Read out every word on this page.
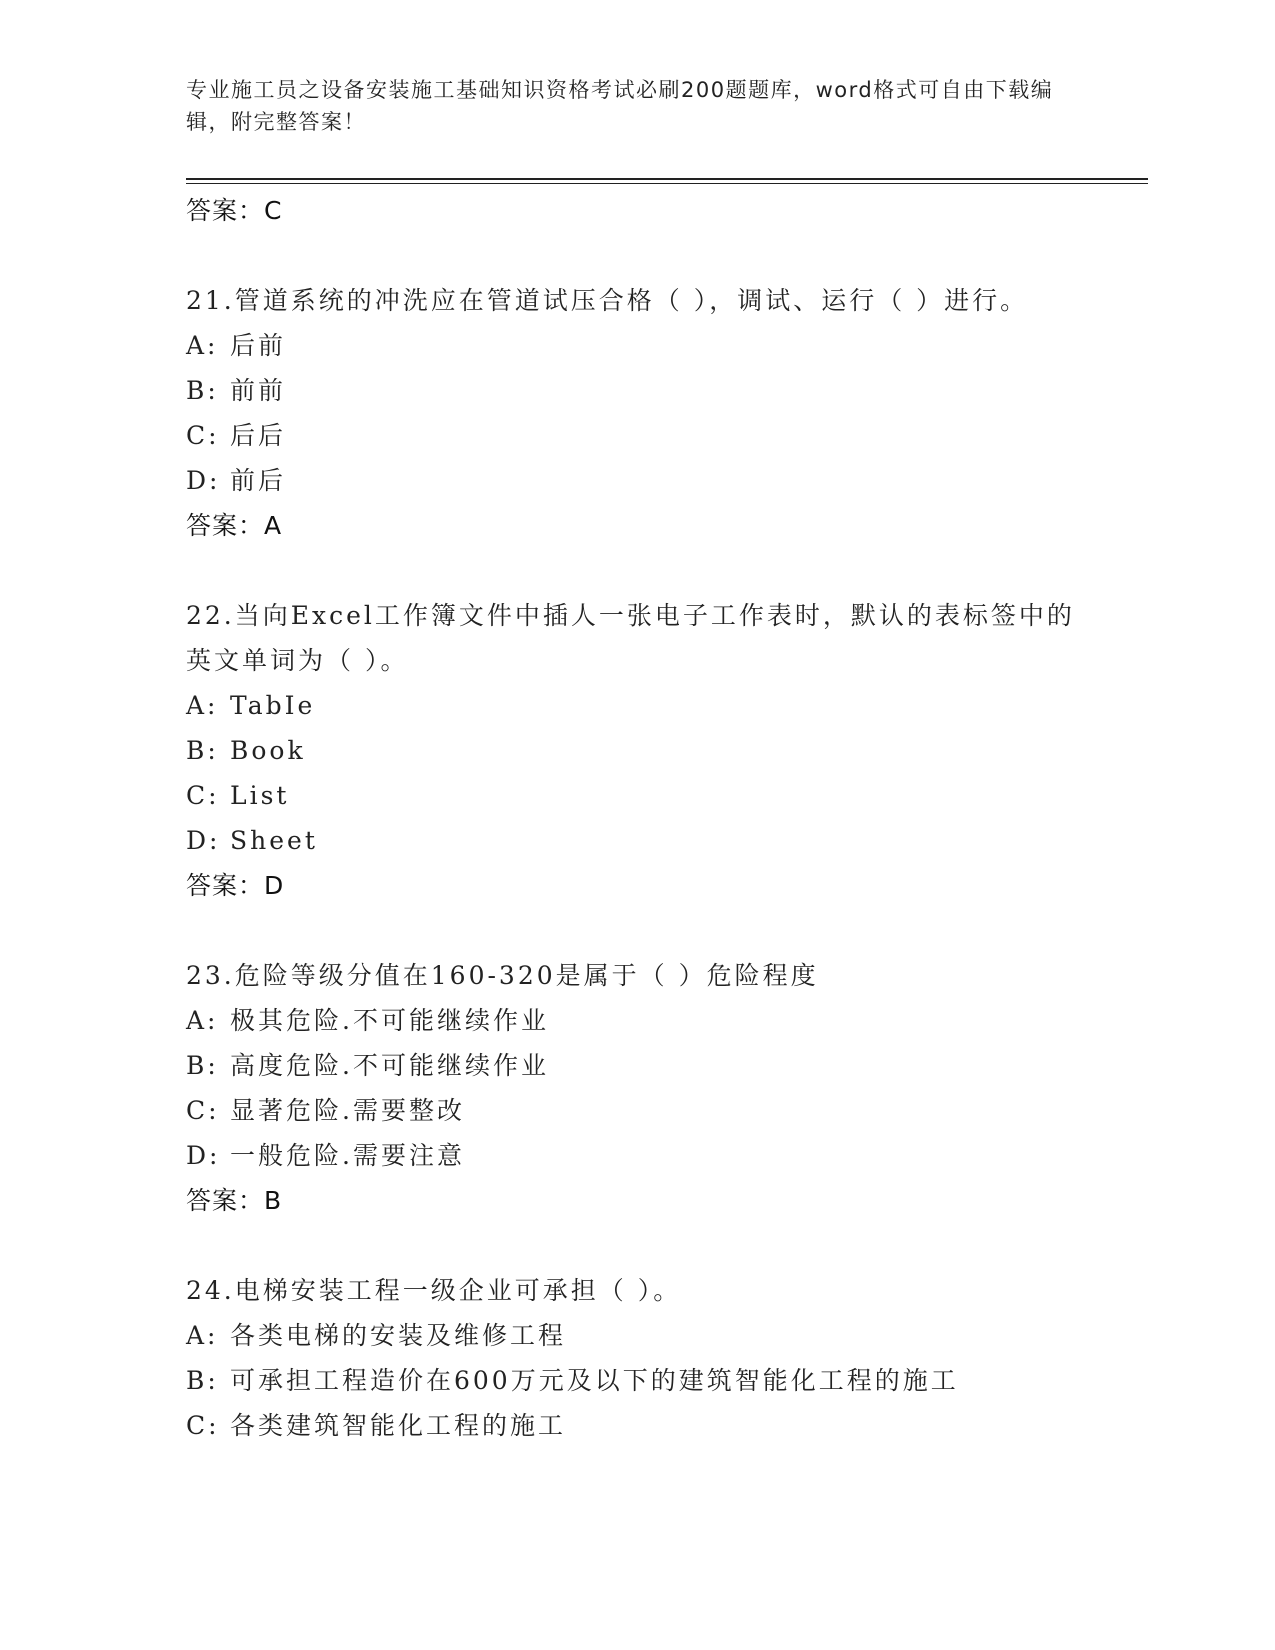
专业施工员之设备安装施工基础知识资格考试必刷200题题库，word格式可自由下载编辑，附完整答案！
答案：C
21.管道系统的冲洗应在管道试压合格（ ），调试、运行（ ）进行。
A: 后前
B: 前前
C: 后后
D: 前后
答案：A
22.当向Excel工作簿文件中插人一张电子工作表时，默认的表标签中的英文单词为（ ）。
A: TabIe
B: Book
C: List
D: Sheet
答案：D
23.危险等级分值在160-320是属于（ ）危险程度
A: 极其危险.不可能继续作业
B: 高度危险.不可能继续作业
C: 显著危险.需要整改
D: 一般危险.需要注意
答案：B
24.电梯安装工程一级企业可承担（ ）。
A: 各类电梯的安装及维修工程
B: 可承担工程造价在600万元及以下的建筑智能化工程的施工
C: 各类建筑智能化工程的施工
